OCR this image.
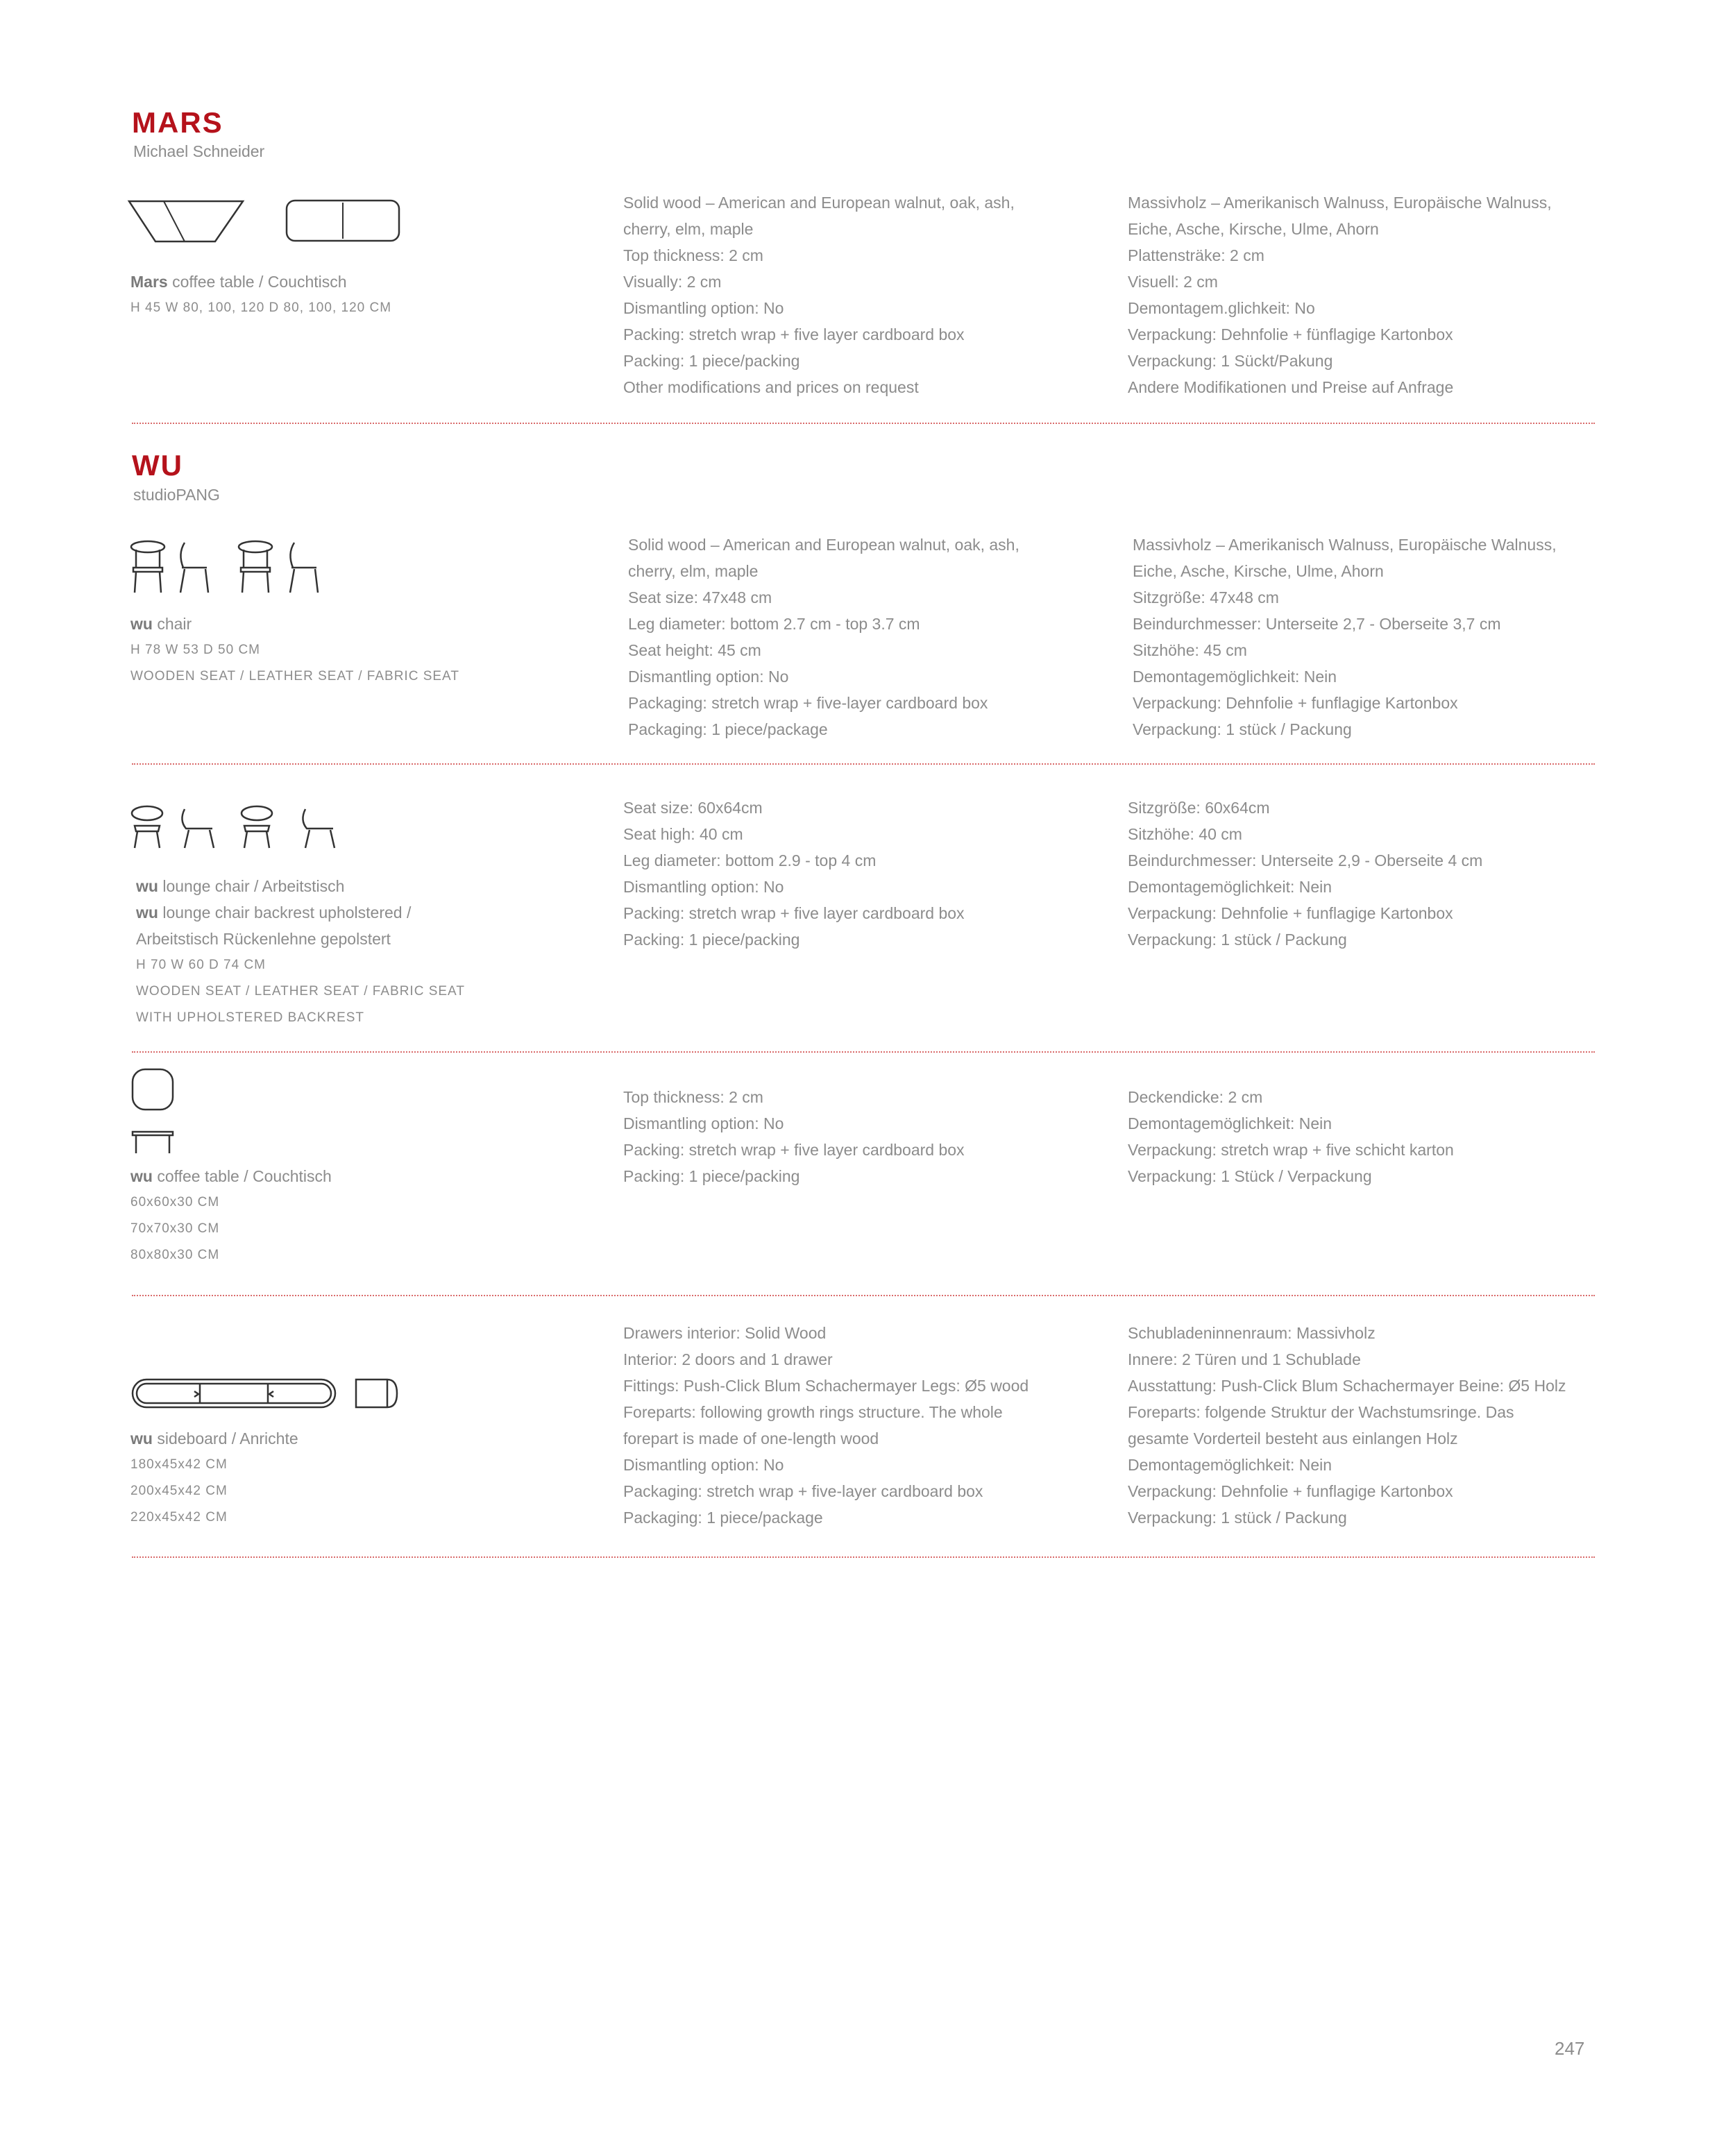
MARS
Michael Schneider
Mars coffee table / Couchtisch
H 45 W 80, 100, 120 D 80, 100, 120 CM
Solid wood – American and European walnut, oak, ash,
cherry, elm, maple
Top thickness: 2 cm
Visually: 2 cm
Dismantling option: No
Packing: stretch wrap + five layer cardboard box
Packing: 1 piece/packing
Other modifications and prices on request
Massivholz – Amerikanisch Walnuss, Europäische Walnuss,
Eiche, Asche, Kirsche, Ulme, Ahorn
Plattensträke: 2 cm
Visuell: 2 cm
Demontagem.glichkeit: No
Verpackung: Dehnfolie + fünflagige Kartonbox
Verpackung: 1 Sückt/Pakung
Andere Modifikationen und Preise auf Anfrage
WU
studioPANG
wu chair
H 78 W 53 D 50 CM
WOODEN SEAT / LEATHER SEAT / FABRIC SEAT
Solid wood – American and European walnut, oak, ash,
cherry, elm, maple
Seat size: 47x48 cm
Leg diameter: bottom 2.7 cm - top 3.7 cm
Seat height: 45 cm
Dismantling option: No
Packaging: stretch wrap + five-layer cardboard box
Packaging: 1 piece/package
Massivholz – Amerikanisch Walnuss, Europäische Walnuss,
Eiche, Asche, Kirsche, Ulme, Ahorn
Sitzgröße: 47x48 cm
Beindurchmesser: Unterseite 2,7 - Oberseite 3,7 cm
Sitzhöhe: 45 cm
Demontagemöglichkeit: Nein
Verpackung: Dehnfolie + funflagige Kartonbox
Verpackung: 1 stück / Packung
wu lounge chair / Arbeitstisch
wu lounge chair backrest upholstered /
Arbeitstisch Rückenlehne gepolstert
H 70 W 60 D 74 CM
WOODEN SEAT / LEATHER SEAT / FABRIC SEAT
WITH UPHOLSTERED BACKREST
Seat size: 60x64cm
Seat high: 40 cm
Leg diameter: bottom 2.9 - top 4 cm
Dismantling option: No
Packing: stretch wrap + five layer cardboard box
Packing: 1 piece/packing
Sitzgröße: 60x64cm
Sitzhöhe: 40 cm
Beindurchmesser: Unterseite 2,9 - Oberseite 4 cm
Demontagemöglichkeit: Nein
Verpackung: Dehnfolie + funflagige Kartonbox
Verpackung: 1 stück / Packung
wu coffee table / Couchtisch
60x60x30 CM
70x70x30 CM
80x80x30 CM
Top thickness: 2 cm
Dismantling option: No
Packing: stretch wrap + five layer cardboard box
Packing: 1 piece/packing
Deckendicke: 2 cm
Demontagemöglichkeit: Nein
Verpackung: stretch wrap + five schicht karton
Verpackung: 1 Stück / Verpackung
wu sideboard / Anrichte
180x45x42 CM
200x45x42 CM
220x45x42 CM
Drawers interior: Solid Wood
Interior: 2 doors and 1 drawer
Fittings: Push-Click Blum Schachermayer Legs: Ø5 wood
Foreparts: following growth rings structure. The whole
forepart is made of one-length wood
Dismantling option: No
Packaging: stretch wrap + five-layer cardboard box
Packaging: 1 piece/package
Schubladeninnenraum: Massivholz
Innere: 2 Türen und 1 Schublade
Ausstattung: Push-Click Blum Schachermayer Beine: Ø5 Holz
Foreparts: folgende Struktur der Wachstumsringe. Das
gesamte Vorderteil besteht aus einlangen Holz
Demontagemöglichkeit: Nein
Verpackung: Dehnfolie + funflagige Kartonbox
Verpackung: 1 stück / Packung
247
